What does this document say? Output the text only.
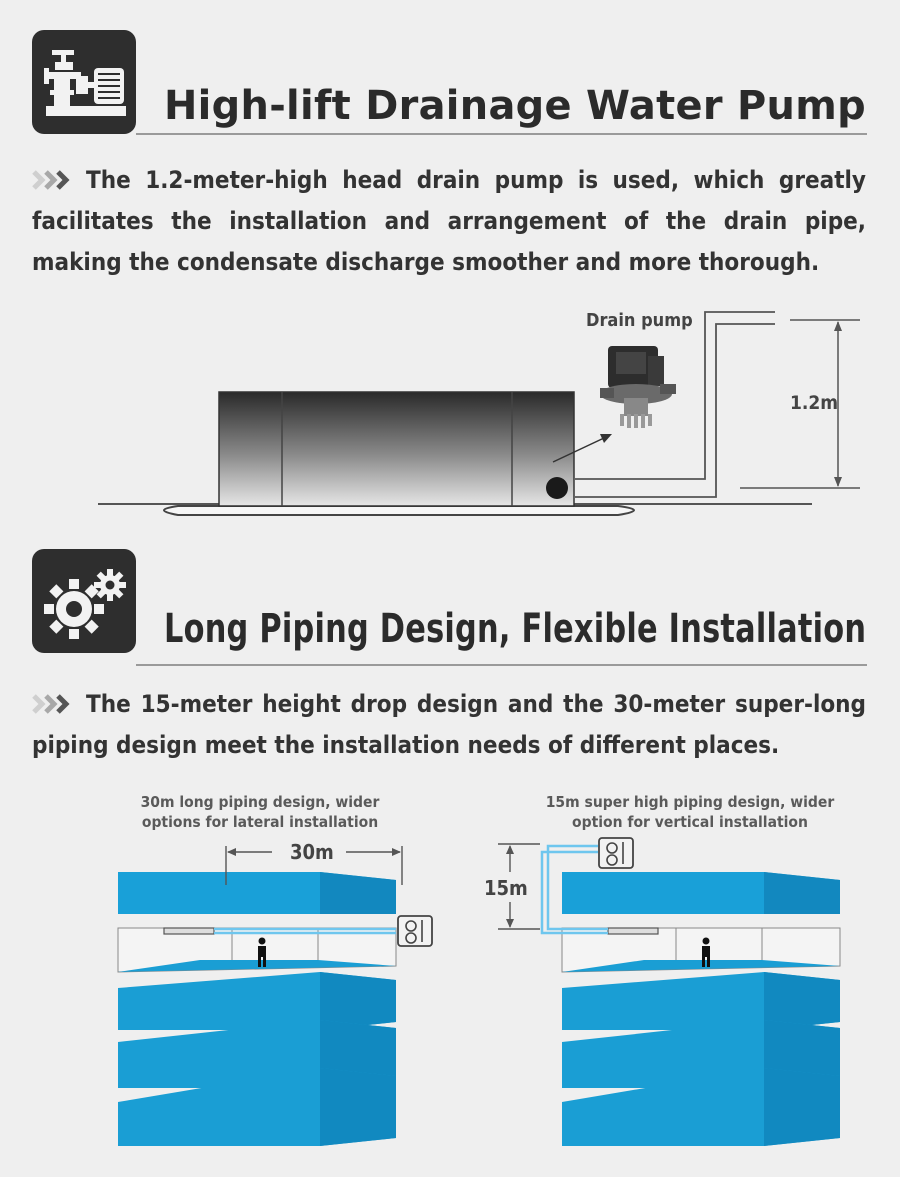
High-lift Drainage Water Pump
The 1.2-meter-high head drain pump is used, which greatly facilitates the installation and arrangement of the drain pipe, making the condensate discharge smoother and more thorough.
Drain pump
1.2m
Long Piping Design, Flexible Installation
The 15-meter height drop design and the 30-meter super-long piping design meet the installation needs of different places.
30m long piping design, wider
options for lateral installation
15m super high piping design, wider
option for vertical installation
30m
15m
